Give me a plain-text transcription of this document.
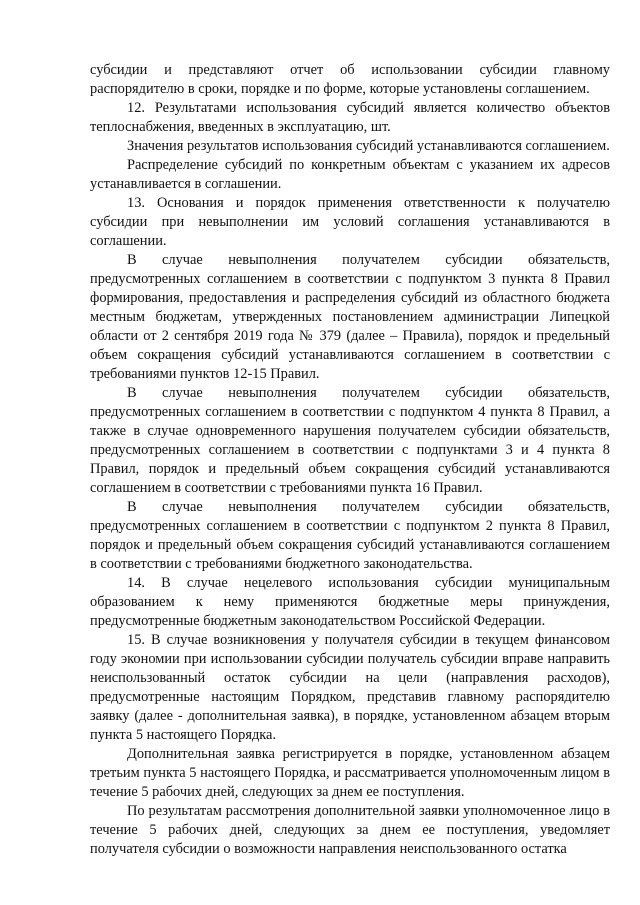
субсидии и представляют отчет об использовании субсидии главному распорядителю в сроки, порядке и по форме, которые установлены соглашением.

12. Результатами использования субсидий является количество объектов теплоснабжения, введенных в эксплуатацию, шт.

Значения результатов использования субсидий устанавливаются соглашением.

Распределение субсидий по конкретным объектам с указанием их адресов устанавливается в соглашении.

13. Основания и порядок применения ответственности к получателю субсидии при невыполнении им условий соглашения устанавливаются в соглашении.

В случае невыполнения получателем субсидии обязательств, предусмотренных соглашением в соответствии с подпунктом 3 пункта 8 Правил формирования, предоставления и распределения субсидий из областного бюджета местным бюджетам, утвержденных постановлением администрации Липецкой области от 2 сентября 2019 года № 379 (далее – Правила), порядок и предельный объем сокращения субсидий устанавливаются соглашением в соответствии с требованиями пунктов 12-15 Правил.

В случае невыполнения получателем субсидии обязательств, предусмотренных соглашением в соответствии с подпунктом 4 пункта 8 Правил, а также в случае одновременного нарушения получателем субсидии обязательств, предусмотренных соглашением в соответствии с подпунктами 3 и 4 пункта 8 Правил, порядок и предельный объем сокращения субсидий устанавливаются соглашением в соответствии с требованиями пункта 16 Правил.

В случае невыполнения получателем субсидии обязательств, предусмотренных соглашением в соответствии с подпунктом 2 пункта 8 Правил, порядок и предельный объем сокращения субсидий устанавливаются соглашением в соответствии с требованиями бюджетного законодательства.

14. В случае нецелевого использования субсидии муниципальным образованием к нему применяются бюджетные меры принуждения, предусмотренные бюджетным законодательством Российской Федерации.

15. В случае возникновения у получателя субсидии в текущем финансовом году экономии при использовании субсидии получатель субсидии вправе направить неиспользованный остаток субсидии на цели (направления расходов), предусмотренные настоящим Порядком, представив главному распорядителю заявку (далее - дополнительная заявка), в порядке, установленном абзацем вторым пункта 5 настоящего Порядка.

Дополнительная заявка регистрируется в порядке, установленном абзацем третьим пункта 5 настоящего Порядка, и рассматривается уполномоченным лицом в течение 5 рабочих дней, следующих за днем ее поступления.

По результатам рассмотрения дополнительной заявки уполномоченное лицо в течение 5 рабочих дней, следующих за днем ее поступления, уведомляет получателя субсидии о возможности направления неиспользованного остатка
